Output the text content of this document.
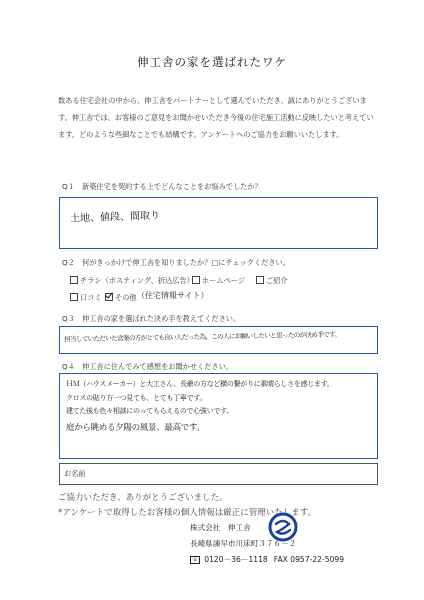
伸工舎の家を選ばれたワケ
数ある住宅会社の中から、伸工舎をパートナーとして選んでいただき、誠にありがとうございま
す。伸工舎では、お客様のご意見をお聞かせいただき今後の住宅施工活動に反映したいと考えてい
ます。どのような些細なことでも結構です。アンケートへのご協力をお願いいたします。
Q１　新築住宅を契約する上でどんなことをお悩みでしたか？
土地、値段、間取り
Q２　何がきっかけで伸工舎を知りましたか？□にチェックください。
チラシ（ポスティング、折込広告）	ホームページ	ご紹介
口コミ	その他 （住宅情報サイト）
Q３　伸工舎の家を選ばれた決め手を教えてください。
担当していただいた営業の方がとても良い人だった為、この人にお願いしたいと思ったのが決め手です。
Q４　伸工舎に住んでみて感想をお聞かせください。
ＨＭ（ハウスメーカー）と大工さん、長爺の方など横の繋がりに素晴らしさを感じます。
クロスの貼り方一つ見ても、とても丁寧です。
建てた後も色々相談にのってもらえるので心強いです。
庭から眺める夕陽の風景、最高です。
お名前
ご協力いただき、ありがとうございました。
*アンケートで取得したお客様の個人情報は厳正に管理いたします。
株式会社　伸工舎
長崎県諫早市川床町３７６－２
☏ 0120－36－1118 FAX 0957-22-5099
